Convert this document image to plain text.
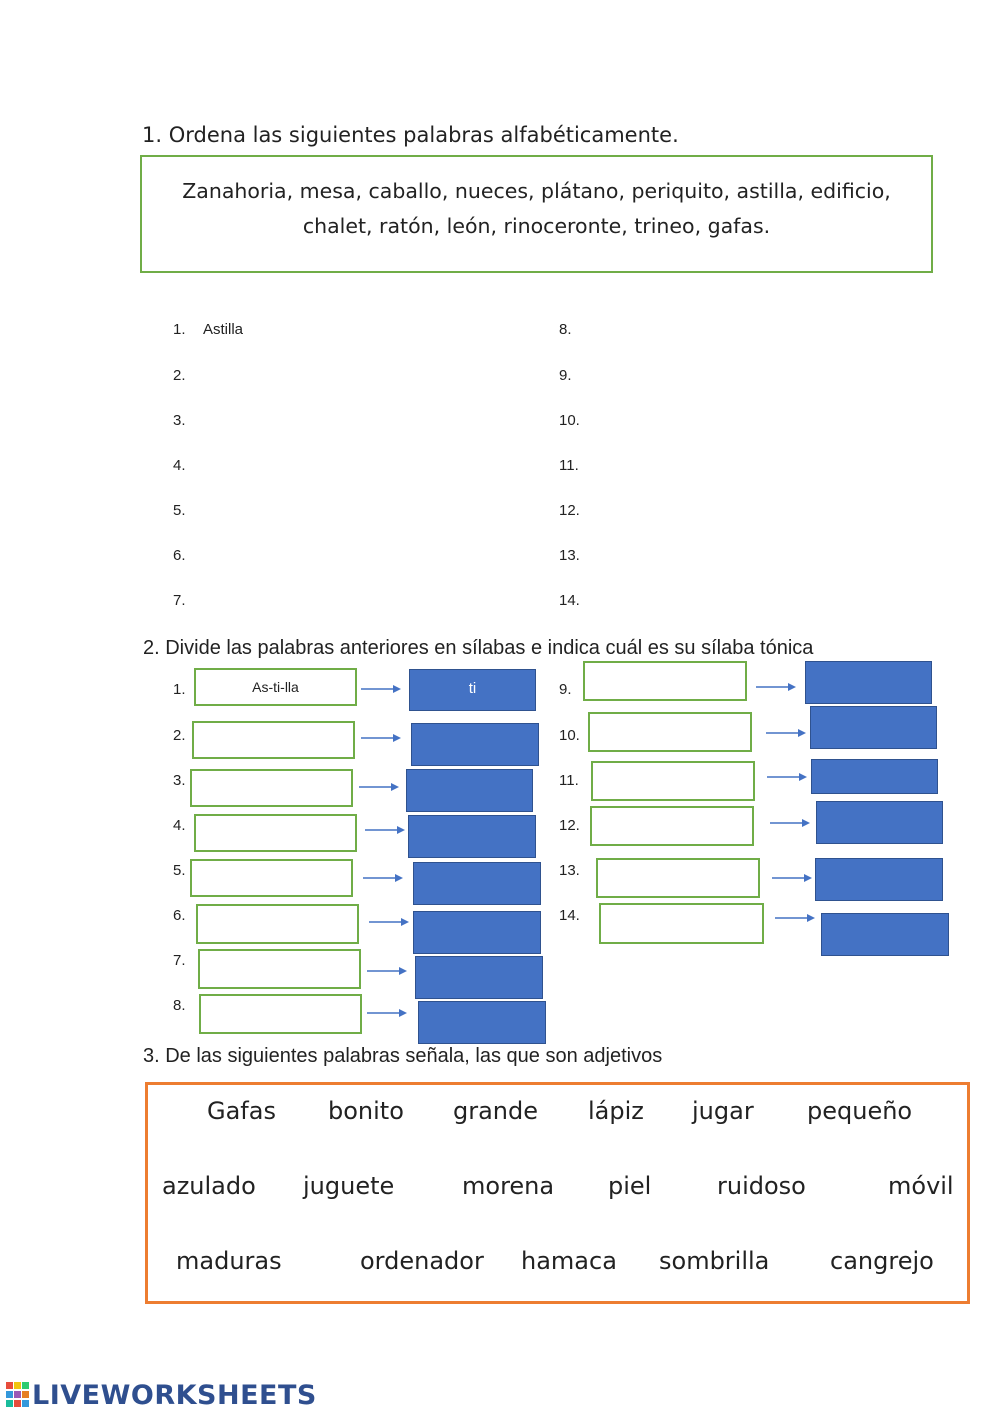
1. Ordena las siguientes palabras alfabéticamente.
Zanahoria, mesa, caballo, nueces, plátano, periquito, astilla, edificio,
chalet, ratón, león, rinoceronte, trineo, gafas.
1. Astilla
2.
3.
4.
5.
6.
7.
8.
9.
10.
11.
12.
13.
14.
2. Divide las palabras anteriores en sílabas e indica cuál es su sílaba tónica
1.	As-ti-lla	ti
2.
3.
4.
5.
6.
7.
8.
9.
10.
11.
12.
13.
14.
3. De las siguientes palabras señala, las que son adjetivos
Gafas bonito grande lápiz jugar pequeño
azulado juguete	morena piel	ruidoso	móvil
maduras	ordenador hamaca sombrilla	cangrejo
LIVEWORKSHEETS
